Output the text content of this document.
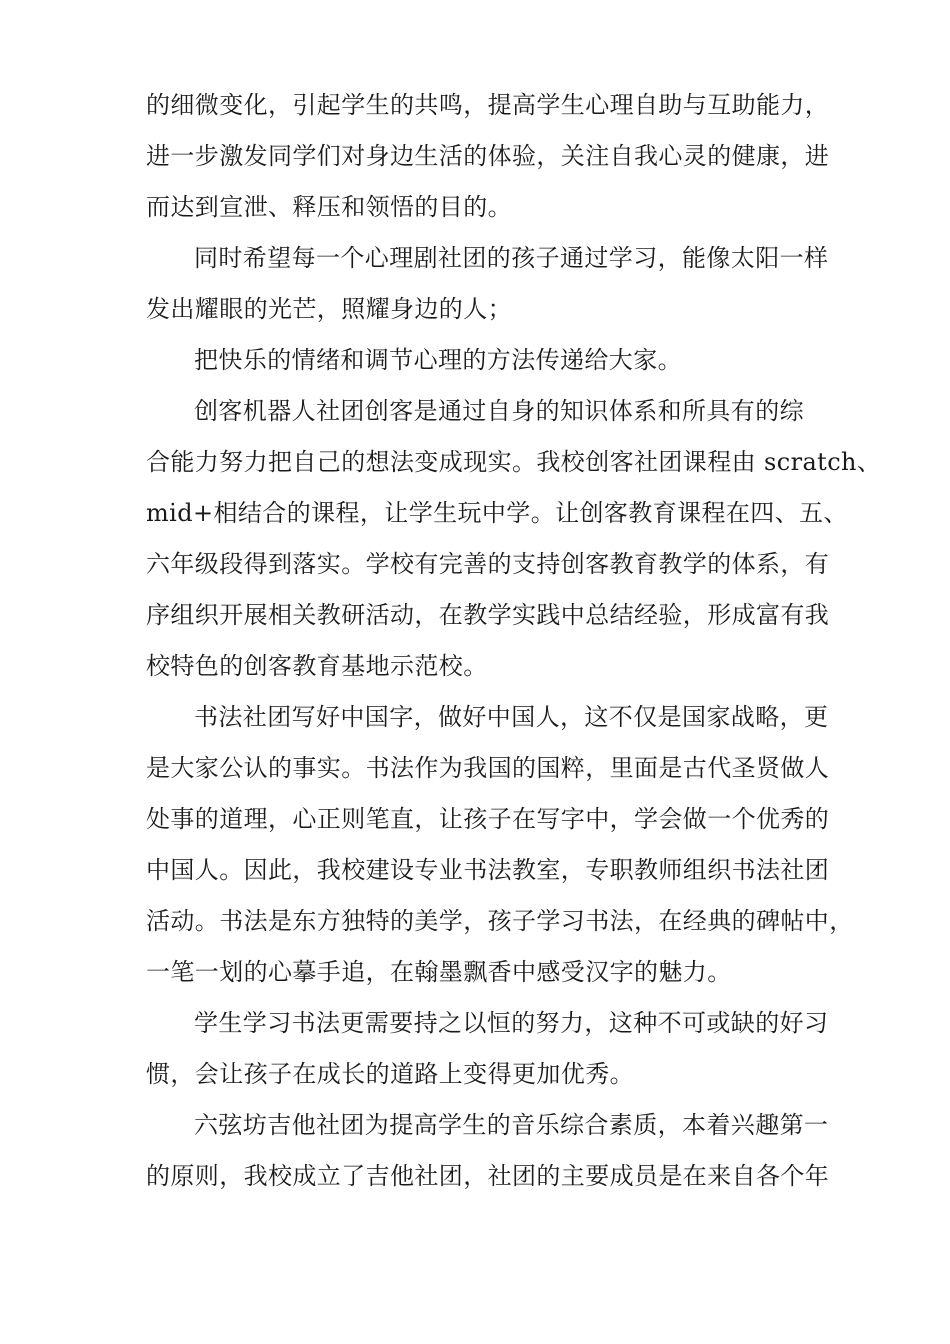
的细微变化，引起学生的共鸣，提高学生心理自助与互助能力，

进一步激发同学们对身边生活的体验，关注自我心灵的健康，进

而达到宣泄、释压和领悟的目的。

同时希望每一个心理剧社团的孩子通过学习，能像太阳一样

发出耀眼的光芒，照耀身边的人；

把快乐的情绪和调节心理的方法传递给大家。

创客机器人社团创客是通过自身的知识体系和所具有的综

合能力努力把自己的想法变成现实。我校创客社团课程由 scratch、

mid+相结合的课程，让学生玩中学。让创客教育课程在四、五、

六年级段得到落实。学校有完善的支持创客教育教学的体系，有

序组织开展相关教研活动，在教学实践中总结经验，形成富有我

校特色的创客教育基地示范校。

书法社团写好中国字，做好中国人，这不仅是国家战略，更

是大家公认的事实。书法作为我国的国粹，里面是古代圣贤做人

处事的道理，心正则笔直，让孩子在写字中，学会做一个优秀的

中国人。因此，我校建设专业书法教室，专职教师组织书法社团

活动。书法是东方独特的美学，孩子学习书法，在经典的碑帖中，

一笔一划的心摹手追，在翰墨飘香中感受汉字的魅力。

学生学习书法更需要持之以恒的努力，这种不可或缺的好习

惯，会让孩子在成长的道路上变得更加优秀。

六弦坊吉他社团为提高学生的音乐综合素质，本着兴趣第一

的原则，我校成立了吉他社团，社团的主要成员是在来自各个年
